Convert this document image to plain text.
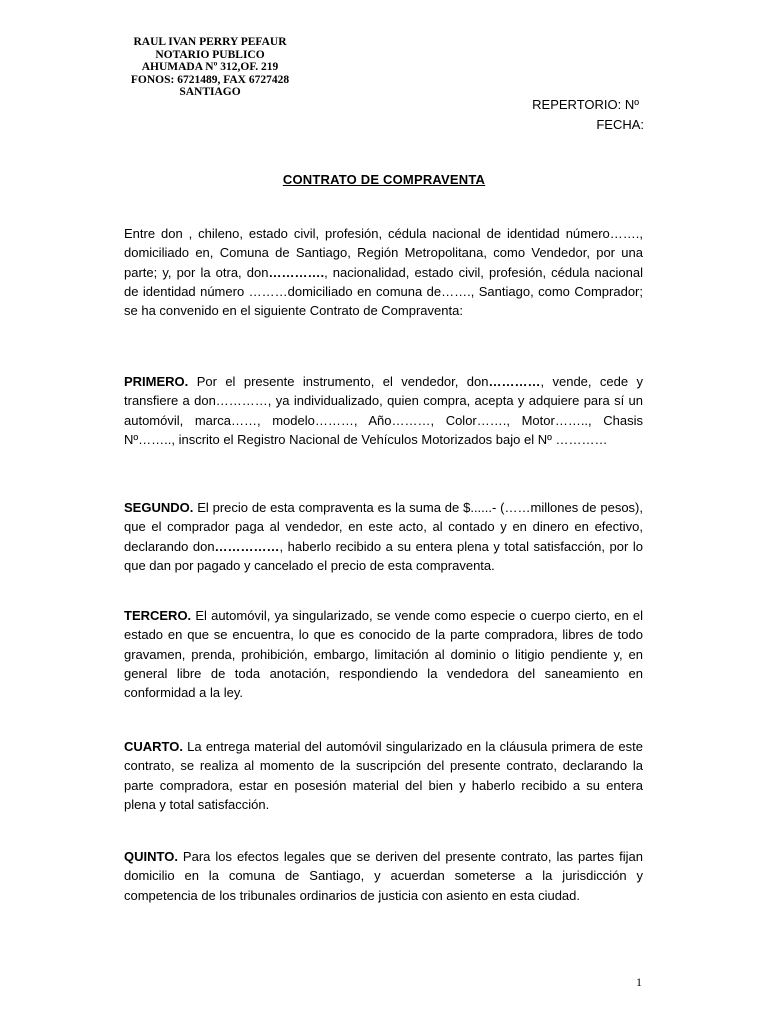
RAUL IVAN PERRY PEFAUR
NOTARIO PUBLICO
AHUMADA Nº 312,OF. 219
FONOS: 6721489, FAX 6727428
SANTIAGO
REPERTORIO: Nº
FECHA:
CONTRATO DE COMPRAVENTA
Entre don , chileno, estado civil, profesión, cédula nacional de identidad número……., domiciliado en, Comuna de Santiago, Región Metropolitana, como Vendedor, por una parte; y, por la otra, don…………., nacionalidad, estado civil, profesión, cédula nacional de identidad número ………domiciliado en comuna de……., Santiago, como Comprador; se ha convenido en el siguiente Contrato de Compraventa:
PRIMERO. Por el presente instrumento, el vendedor, don…………, vende, cede y transfiere a don…………, ya individualizado, quien compra, acepta y adquiere para sí un automóvil, marca……, modelo………, Año………, Color……., Motor…….., Chasis Nº…….., inscrito el Registro Nacional de Vehículos Motorizados bajo el Nº …………
SEGUNDO. El precio de esta compraventa es la suma de $......- (……millones de pesos), que el comprador paga al vendedor, en este acto, al contado y en dinero en efectivo, declarando don……………, haberlo recibido a su entera plena y total satisfacción, por lo que dan por pagado y cancelado el precio de esta compraventa.
TERCERO. El automóvil, ya singularizado, se vende como especie o cuerpo cierto, en el estado en que se encuentra, lo que es conocido de la parte compradora, libres de todo gravamen, prenda, prohibición, embargo, limitación al dominio o litigio pendiente y, en general libre de toda anotación, respondiendo la vendedora del saneamiento en conformidad a la ley.
CUARTO. La entrega material del automóvil singularizado en la cláusula primera de este contrato, se realiza al momento de la suscripción del presente contrato, declarando la parte compradora, estar en posesión material del bien y haberlo recibido a su entera plena y total satisfacción.
QUINTO. Para los efectos legales que se deriven del presente contrato, las partes fijan domicilio en la comuna de Santiago, y acuerdan someterse a la jurisdicción y competencia de los tribunales ordinarios de justicia con asiento en esta ciudad.
1
